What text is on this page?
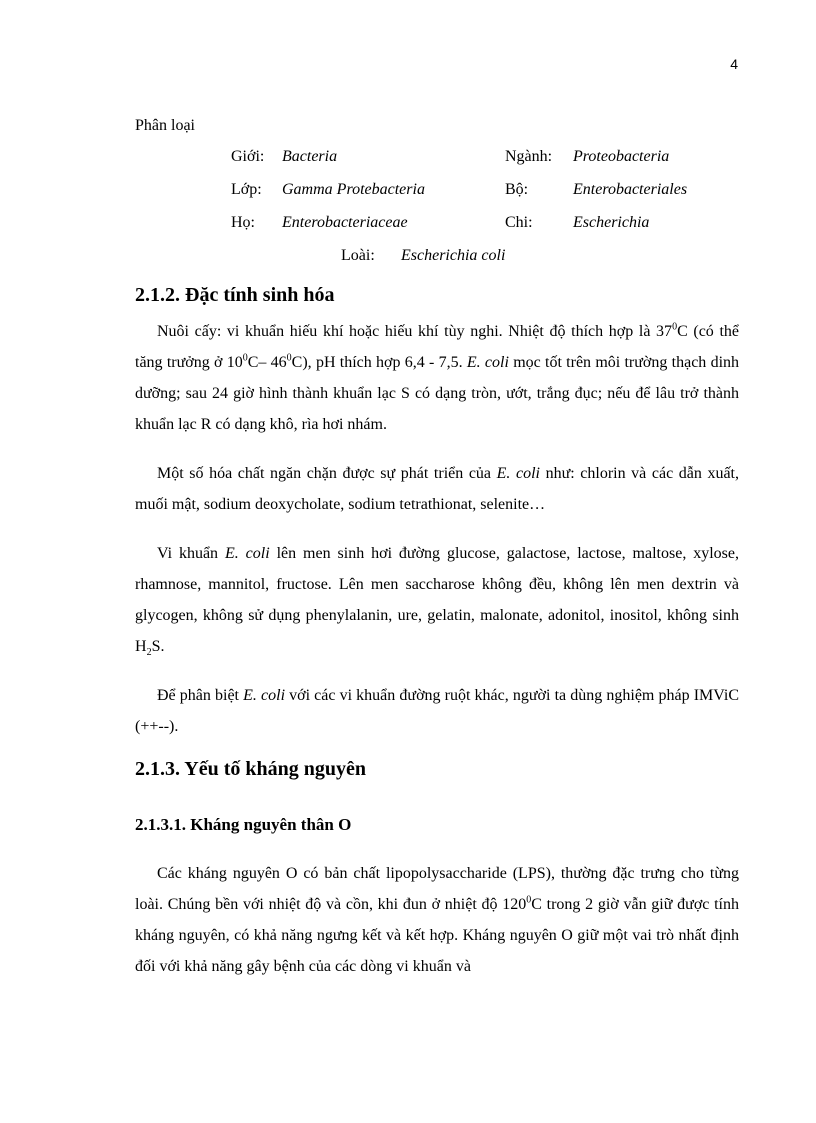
4
Phân loại
Giới: Bacteria	Ngành: Proteobacteria
Lớp: Gamma Protebacteria	Bộ:	Enterobacteriales
Họ: Enterobacteriaceae	Chi:	Escherichia
Loài: Escherichia coli
2.1.2. Đặc tính sinh hóa

Nuôi cấy: vi khuẩn hiếu khí hoặc hiếu khí tùy nghi. Nhiệt độ thích hợp là $37^0C$ (có thể tăng trưởng ở $10^0C-$ $46^0C$), pH thích hợp 6,4 - 7,5. E. coli mọc tốt trên môi trường thạch dinh dưỡng; sau 24 giờ hình thành khuẩn lạc S có dạng tròn, ướt, trắng đục; nếu để lâu trở thành khuẩn lạc R có dạng khô, rìa hơi nhám.

Một số hóa chất ngăn chặn được sự phát triển của E. coli như: chlorin và các dẫn xuất, muối mật, sodium deoxycholate, sodium tetrathionat, selenite…

Vi khuẩn E. coli lên men sinh hơi đường glucose, galactose, lactose, maltose, xylose, rhamnose, mannitol, fructose. Lên men saccharose không đều, không lên men dextrin và glycogen, không sử dụng phenylalanin, ure, gelatin, malonate, adonitol, inositol, không $\sinh H_2S$.

Để phân biệt E. coli với các vi khuẩn đường ruột khác, người ta dùng nghiệm pháp IMViC (++--).

2.1.3. Yếu tố kháng nguyên
2.1.3.1. Kháng nguyên thân O

Các kháng nguyên O có bản chất lipopolysaccharide (LPS), thường đặc trưng cho từng loài. Chúng bền với nhiệt độ và cồn, khi đun ở nhiệt độ $120^0C$ trong 2 giờ vẫn giữ được tính kháng nguyên, có khả năng ngưng kết và kết hợp. Kháng nguyên O giữ một vai trò nhất định đối với khả năng gây bệnh của các dòng vi khuẩn và
